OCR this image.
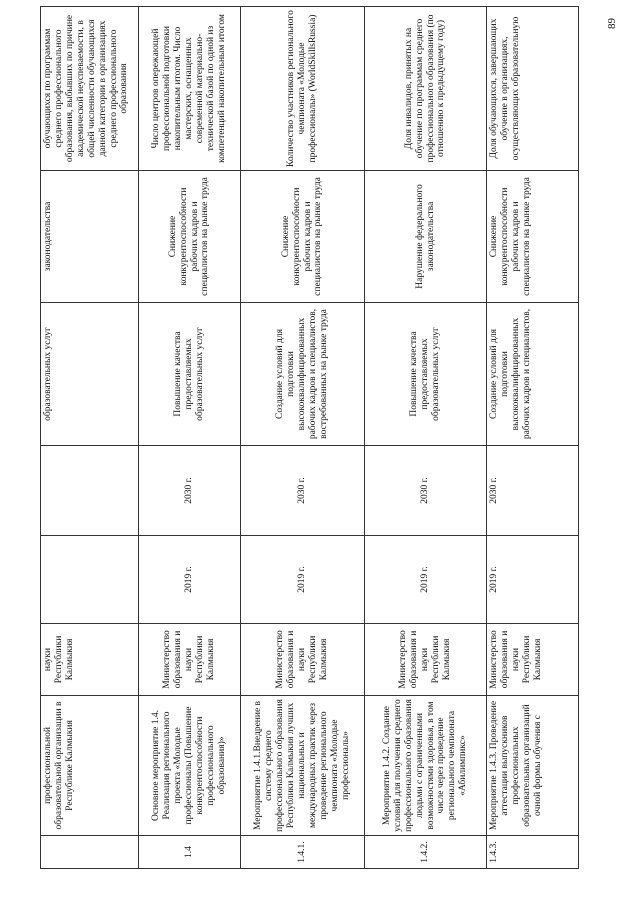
	профессиональной образовательной организации в Республике Калмыкия	науки Республики Калмыкия			образовательных услуг	законодательства	обучающихся по программам среднего профессионального образования, выбывших по причине академической неуспеваемости, в общей численности обучающихся данной категории в организациях среднего профессионального образования
1.4	Основное мероприятие 1.4. Реализация регионального проекта «Молодые профессионалы (Повышение конкурентоспособности профессионального образования)»	Министерство образования и науки Республики Калмыкия	2019 г.	2030 г.	Повышение качества предоставляемых образовательных услуг	Снижение конкурентоспособности рабочих кадров и специалистов на рынке труда	Число центров опережающей профессиональной подготовки накопительным итогом. Число мастерских, оснащенных современной материально-технической базой по одной из компетенций накопительным итогом
1.4.1.	Мероприятие 1.4.1.Внедрение в систему среднего профессионального образования Республики Калмыкия лучших национальных и международных практик через проведение регионального чемпионата «Молодые профессионалы»	Министерство образования и науки Республики Калмыкия	2019 г.	2030 г.	Создание условий для подготовки высококвалифицированных рабочих кадров и специалистов, востребованных на рынке труда	Снижение конкурентоспособности рабочих кадров и специалистов на рынке труда	Количество участников регионального чемпионата «Молодые профессионалы» (WorldSkillsRussia)
1.4.2.	Мероприятие 1.4.2. Создание условий для получения среднего профессионального образования людьми с ограниченными возможностями здоровья, в том числе через проведение регионального чемпионата «Абилимпикс»	Министерство образования и науки Республики Калмыкия	2019 г.	2030 г.	Повышение качества предоставляемых образовательных услуг	Нарушение федерального законодательства	Доля инвалидов, принятых на обучение по программам среднего профессионального образования (по отношению к предыдущему году)
1.4.3.	Мероприятие 1.4.3. Проведение аттестации выпускников профессиональных образовательных организаций очной формы обучения с	Министерство образования и науки Республики Калмыкия	2019 г.	2030 г.	Создание условий для подготовки высококвалифицированных рабочих кадров и специалистов,	Снижение конкурентоспособности рабочих кадров и специалистов на рынке труда	Доля обучающихся, завершающих обучение в организациях, осуществляющих образовательную	89
